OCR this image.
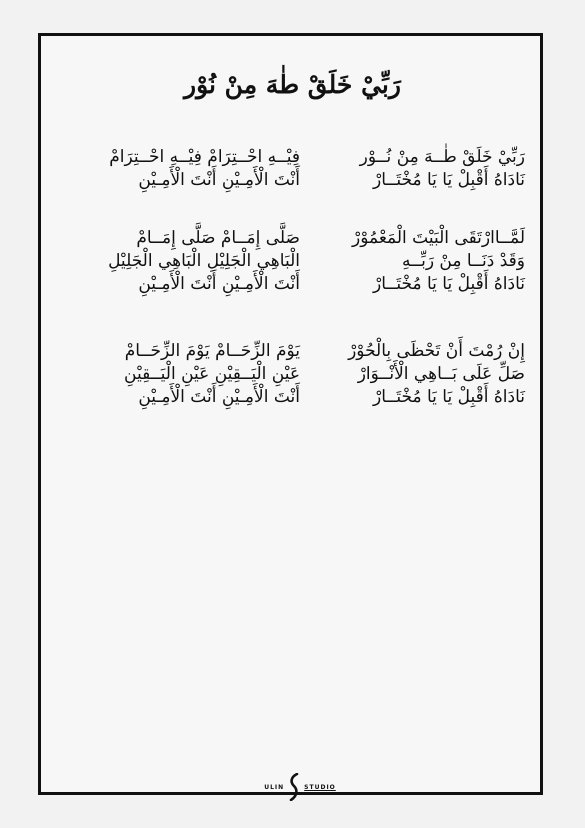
رَبِّيْ خَلَقْ طٰهَ مِنْ نُوْر
رَبِّيْ خَلَقْ طٰــهَ مِنْ نُــوْر
فِيْــهِ احْــتِرَامْ فِيْــهِ احْــتِرَامْ
نَادَاهُ أَقْبِلْ يَا يَا مُخْتَــارْ
أَنْتَ الْأَمِـيْنِ أَنْتَ الْأَمِـيْنِ
لَمَّــاارْتَقَى الْبَيْتَ الْمَعْمُوْرْ
صَلَّى إِمَــامْ صَلَّى إِمَــامْ
وَقَدْ دَنَــا مِنْ رَبِّــهِ
الْبَاهِي الْجَلِيْلِ الْبَاهِي الْجَلِيْلِ
نَادَاهُ أَقْبِلْ يَا يَا مُخْتَــارْ
أَنْتَ الْأَمِـيْنِ أَنْتَ الْأَمِـيْنِ
إِنْ رُمْتَ أَنْ تَحْظَى بِالْحُوْرْ
يَوْمَ الزِّحَــامْ يَوْمَ الزِّحَــامْ
صَلِّ عَلَى بَــاهِي الْأَنْــوَارْ
عَيْنِ الْيَــقِيْنِ عَيْنِ الْيَــقِيْنِ
نَادَاهُ أَقْبِلْ يَا يَا مُخْتَــارْ
أَنْتَ الْأَمِـيْنِ أَنْتَ الْأَمِـيْنِ
ULIN	STUDIO
